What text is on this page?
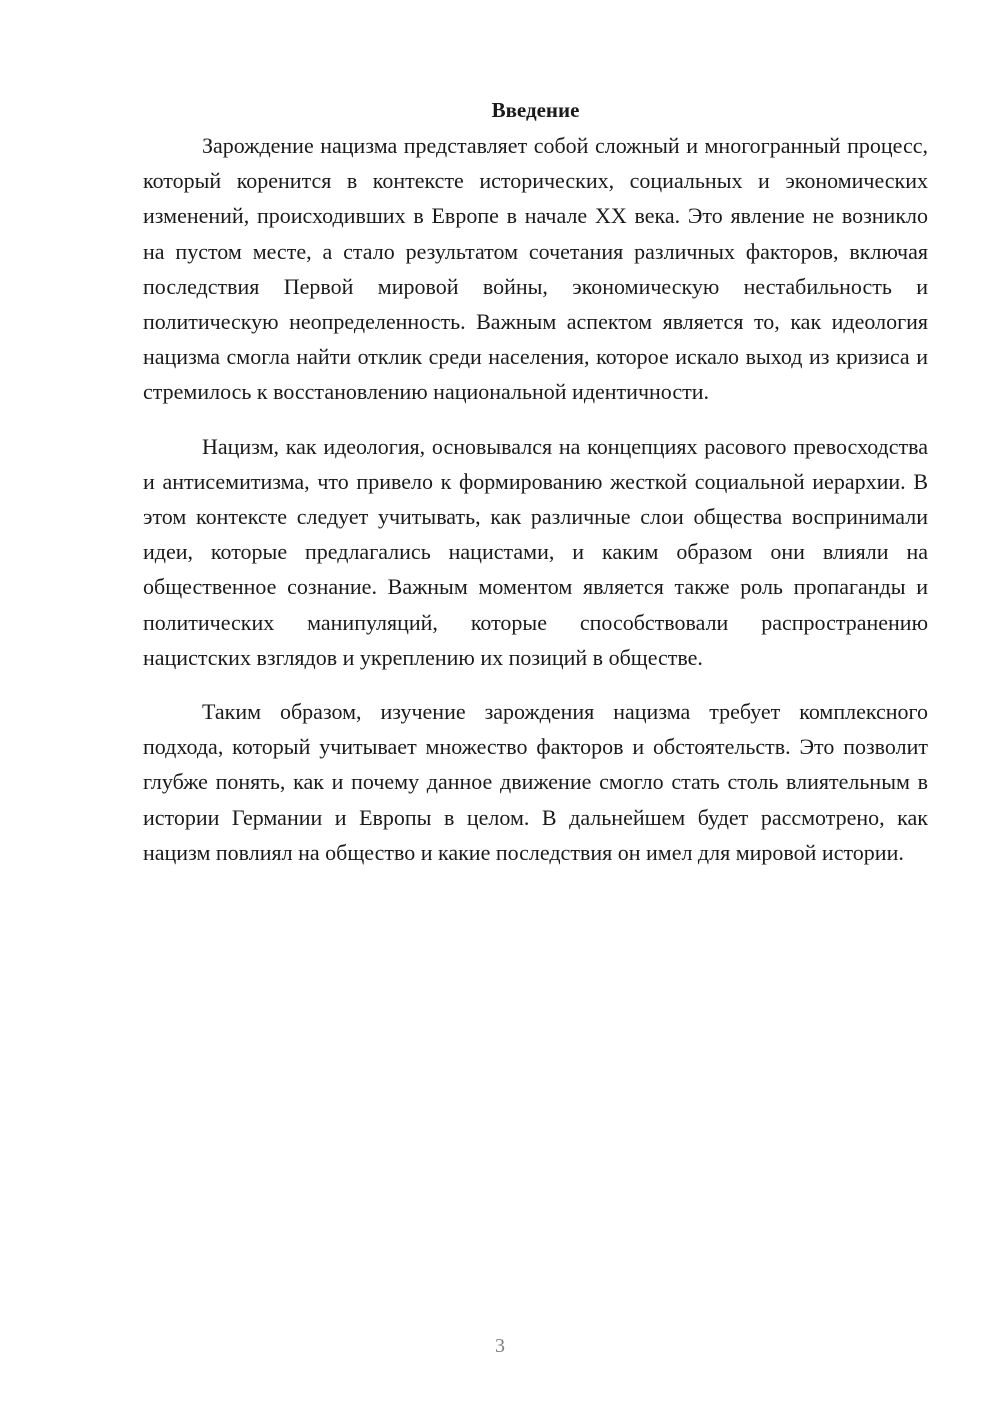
Введение

Зарождение нацизма представляет собой сложный и многогранный процесс, который коренится в контексте исторических, социальных и экономических изменений, происходивших в Европе в начале XX века. Это явление не возникло на пустом месте, а стало результатом сочетания различных факторов, включая последствия Первой мировой войны, экономическую нестабильность и политическую неопределенность. Важным аспектом является то, как идеология нацизма смогла найти отклик среди населения, которое искало выход из кризиса и стремилось к восстановлению национальной идентичности.

Нацизм, как идеология, основывался на концепциях расового превосходства и антисемитизма, что привело к формированию жесткой социальной иерархии. В этом контексте следует учитывать, как различные слои общества воспринимали идеи, которые предлагались нацистами, и каким образом они влияли на общественное сознание. Важным моментом является также роль пропаганды и политических манипуляций, которые способствовали распространению нацистских взглядов и укреплению их позиций в обществе.

Таким образом, изучение зарождения нацизма требует комплексного подхода, который учитывает множество факторов и обстоятельств. Это позволит глубже понять, как и почему данное движение смогло стать столь влиятельным в истории Германии и Европы в целом. В дальнейшем будет рассмотрено, как нацизм повлиял на общество и какие последствия он имел для мировой истории.

3
